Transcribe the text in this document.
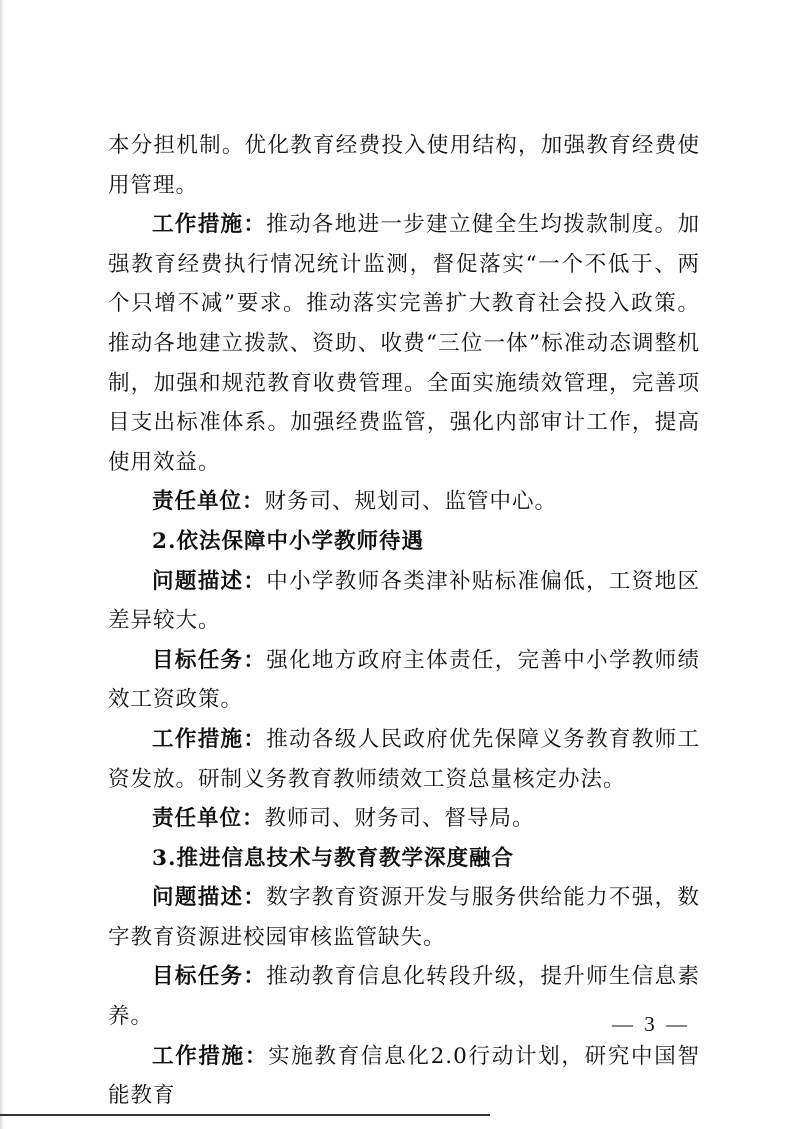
本分担机制。优化教育经费投入使用结构，加强教育经费使用管理。

工作措施：推动各地进一步建立健全生均拨款制度。加强教育经费执行情况统计监测，督促落实“一个不低于、两个只增不减”要求。推动落实完善扩大教育社会投入政策。推动各地建立拨款、资助、收费“三位一体”标准动态调整机制，加强和规范教育收费管理。全面实施绩效管理，完善项目支出标准体系。加强经费监管，强化内部审计工作，提高使用效益。

责任单位：财务司、规划司、监管中心。

2.依法保障中小学教师待遇

问题描述：中小学教师各类津补贴标准偏低，工资地区差异较大。

目标任务：强化地方政府主体责任，完善中小学教师绩效工资政策。

工作措施：推动各级人民政府优先保障义务教育教师工资发放。研制义务教育教师绩效工资总量核定办法。

责任单位：教师司、财务司、督导局。

3.推进信息技术与教育教学深度融合

问题描述：数字教育资源开发与服务供给能力不强，数字教育资源进校园审核监管缺失。

目标任务：推动教育信息化转段升级，提升师生信息素养。

工作措施：实施教育信息化2.0行动计划，研究中国智能教育

— 3 —
